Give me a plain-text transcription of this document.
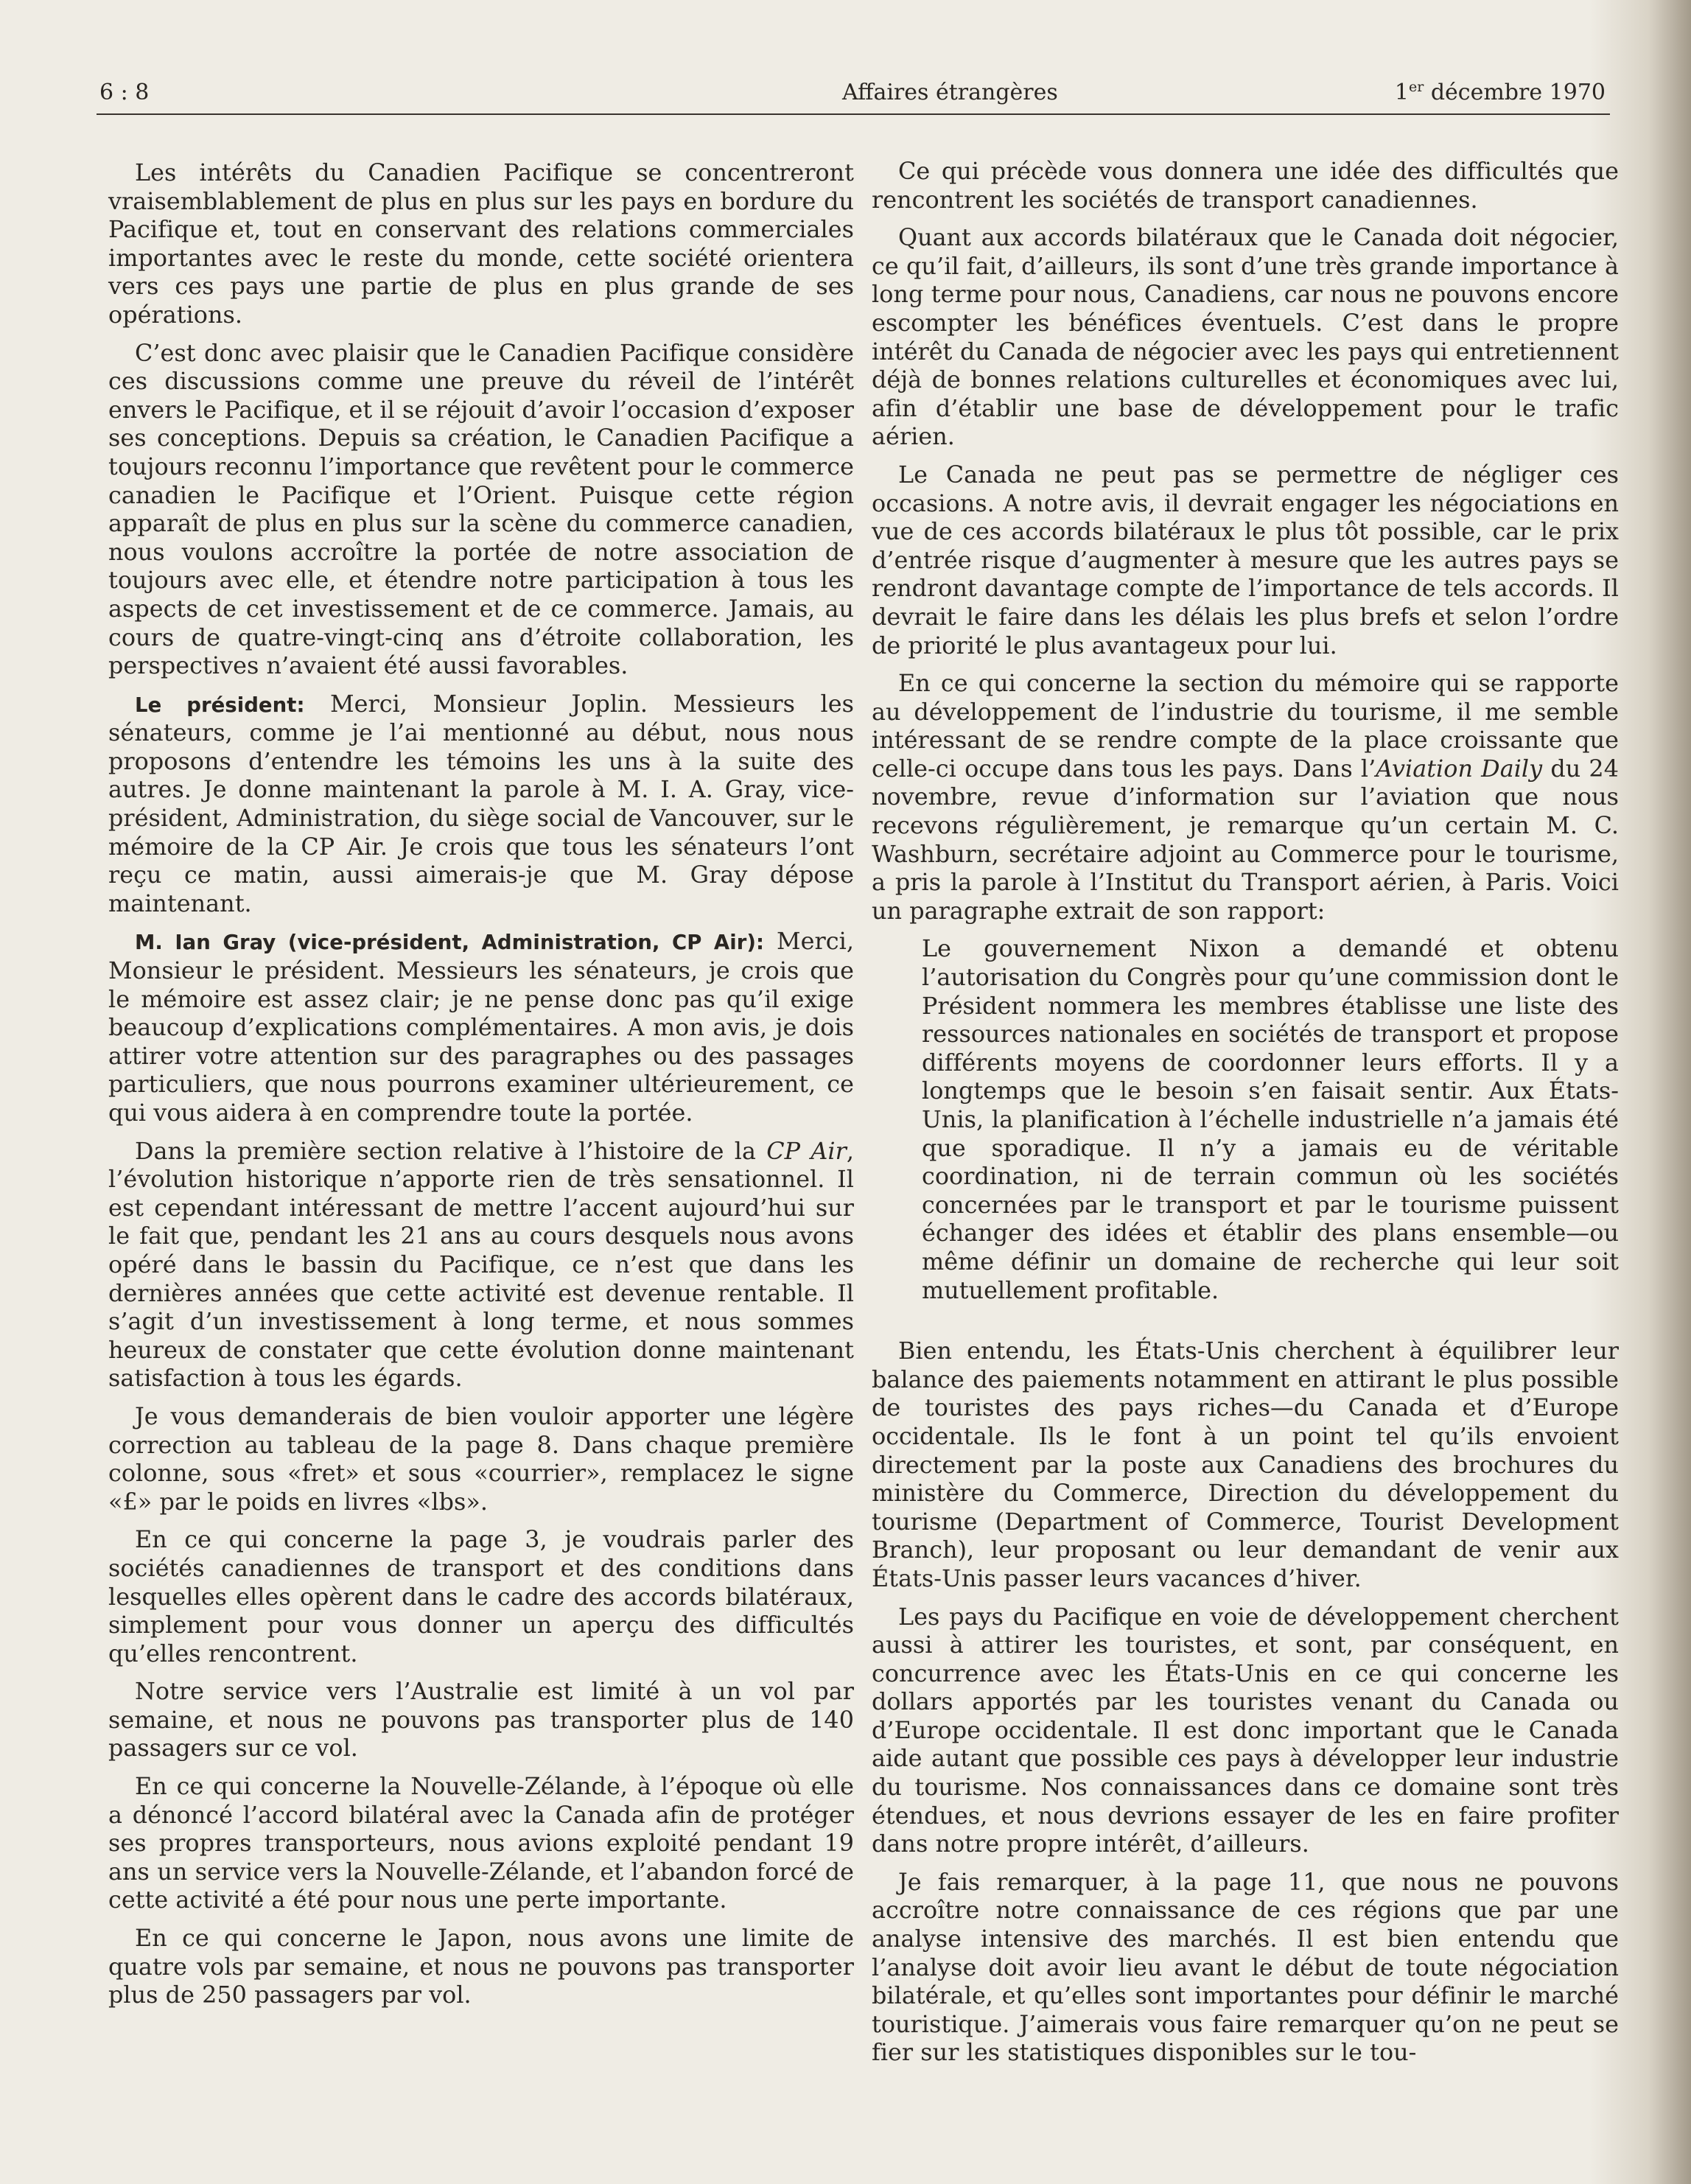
6 : 8	Affaires étrangères	1er décembre 1970

Les intérêts du Canadien Pacifique se concentreront vraisemblablement de plus en plus sur les pays en bordure du Pacifique et, tout en conservant des relations commerciales importantes avec le reste du monde, cette société orientera vers ces pays une partie de plus en plus grande de ses opérations.

C’est donc avec plaisir que le Canadien Pacifique considère ces discussions comme une preuve du réveil de l’intérêt envers le Pacifique, et il se réjouit d’avoir l’occasion d’exposer ses conceptions. Depuis sa création, le Canadien Pacifique a toujours reconnu l’importance que revêtent pour le commerce canadien le Pacifique et l’Orient. Puisque cette région apparaît de plus en plus sur la scène du commerce canadien, nous voulons accroître la portée de notre association de toujours avec elle, et étendre notre participation à tous les aspects de cet investissement et de ce commerce. Jamais, au cours de quatre-vingt-cinq ans d’étroite collaboration, les perspectives n’avaient été aussi favorables.

Le président: Merci, Monsieur Joplin. Messieurs les sénateurs, comme je l’ai mentionné au début, nous nous proposons d’entendre les témoins les uns à la suite des autres. Je donne maintenant la parole à M. I. A. Gray, vice-président, Administration, du siège social de Vancouver, sur le mémoire de la CP Air. Je crois que tous les sénateurs l’ont reçu ce matin, aussi aimerais-je que M. Gray dépose maintenant.

M. Ian Gray (vice-président, Administration, CP Air): Merci, Monsieur le président. Messieurs les sénateurs, je crois que le mémoire est assez clair; je ne pense donc pas qu’il exige beaucoup d’explications complémentaires. A mon avis, je dois attirer votre attention sur des paragraphes ou des passages particuliers, que nous pourrons examiner ultérieurement, ce qui vous aidera à en comprendre toute la portée.

Dans la première section relative à l’histoire de la CP Air, l’évolution historique n’apporte rien de très sensationnel. Il est cependant intéressant de mettre l’accent aujourd’hui sur le fait que, pendant les 21 ans au cours desquels nous avons opéré dans le bassin du Pacifique, ce n’est que dans les dernières années que cette activité est devenue rentable. Il s’agit d’un investissement à long terme, et nous sommes heureux de constater que cette évolution donne maintenant satisfaction à tous les égards.

Je vous demanderais de bien vouloir apporter une légère correction au tableau de la page 8. Dans chaque première colonne, sous «fret» et sous «courrier», remplacez le signe «£» par le poids en livres «lbs».

En ce qui concerne la page 3, je voudrais parler des sociétés canadiennes de transport et des conditions dans lesquelles elles opèrent dans le cadre des accords bilatéraux, simplement pour vous donner un aperçu des difficultés qu’elles rencontrent.

Notre service vers l’Australie est limité à un vol par semaine, et nous ne pouvons pas transporter plus de 140 passagers sur ce vol.

En ce qui concerne la Nouvelle-Zélande, à l’époque où elle a dénoncé l’accord bilatéral avec la Canada afin de protéger ses propres transporteurs, nous avions exploité pendant 19 ans un service vers la Nouvelle-Zélande, et l’abandon forcé de cette activité a été pour nous une perte importante.

En ce qui concerne le Japon, nous avons une limite de quatre vols par semaine, et nous ne pouvons pas transporter plus de 250 passagers par vol.

Ce qui précède vous donnera une idée des difficultés que rencontrent les sociétés de transport canadiennes.

Quant aux accords bilatéraux que le Canada doit négocier, ce qu’il fait, d’ailleurs, ils sont d’une très grande importance à long terme pour nous, Canadiens, car nous ne pouvons encore escompter les bénéfices éventuels. C’est dans le propre intérêt du Canada de négocier avec les pays qui entretiennent déjà de bonnes relations culturelles et économiques avec lui, afin d’établir une base de développement pour le trafic aérien.

Le Canada ne peut pas se permettre de négliger ces occasions. A notre avis, il devrait engager les négociations en vue de ces accords bilatéraux le plus tôt possible, car le prix d’entrée risque d’augmenter à mesure que les autres pays se rendront davantage compte de l’importance de tels accords. Il devrait le faire dans les délais les plus brefs et selon l’ordre de priorité le plus avantageux pour lui.

En ce qui concerne la section du mémoire qui se rapporte au développement de l’industrie du tourisme, il me semble intéressant de se rendre compte de la place croissante que celle-ci occupe dans tous les pays. Dans l’Aviation Daily du 24 novembre, revue d’information sur l’aviation que nous recevons régulièrement, je remarque qu’un certain M. C. Washburn, secrétaire adjoint au Commerce pour le tourisme, a pris la parole à l’Institut du Transport aérien, à Paris. Voici un paragraphe extrait de son rapport:

Le gouvernement Nixon a demandé et obtenu l’autorisation du Congrès pour qu’une commission dont le Président nommera les membres établisse une liste des ressources nationales en sociétés de transport et propose différents moyens de coordonner leurs efforts. Il y a longtemps que le besoin s’en faisait sentir. Aux États-Unis, la planification à l’échelle industrielle n’a jamais été que sporadique. Il n’y a jamais eu de véritable coordination, ni de terrain commun où les sociétés concernées par le transport et par le tourisme puissent échanger des idées et établir des plans ensemble—ou même définir un domaine de recherche qui leur soit mutuellement profitable.

Bien entendu, les États-Unis cherchent à équilibrer leur balance des paiements notamment en attirant le plus possible de touristes des pays riches—du Canada et d’Europe occidentale. Ils le font à un point tel qu’ils envoient directement par la poste aux Canadiens des brochures du ministère du Commerce, Direction du développement du tourisme (Department of Commerce, Tourist Development Branch), leur proposant ou leur demandant de venir aux États-Unis passer leurs vacances d’hiver.

Les pays du Pacifique en voie de développement cherchent aussi à attirer les touristes, et sont, par conséquent, en concurrence avec les États-Unis en ce qui concerne les dollars apportés par les touristes venant du Canada ou d’Europe occidentale. Il est donc important que le Canada aide autant que possible ces pays à développer leur industrie du tourisme. Nos connaissances dans ce domaine sont très étendues, et nous devrions essayer de les en faire profiter dans notre propre intérêt, d’ailleurs.

Je fais remarquer, à la page 11, que nous ne pouvons accroître notre connaissance de ces régions que par une analyse intensive des marchés. Il est bien entendu que l’analyse doit avoir lieu avant le début de toute négociation bilatérale, et qu’elles sont importantes pour définir le marché touristique. J’aimerais vous faire remarquer qu’on ne peut se fier sur les statistiques disponibles sur le tou-
